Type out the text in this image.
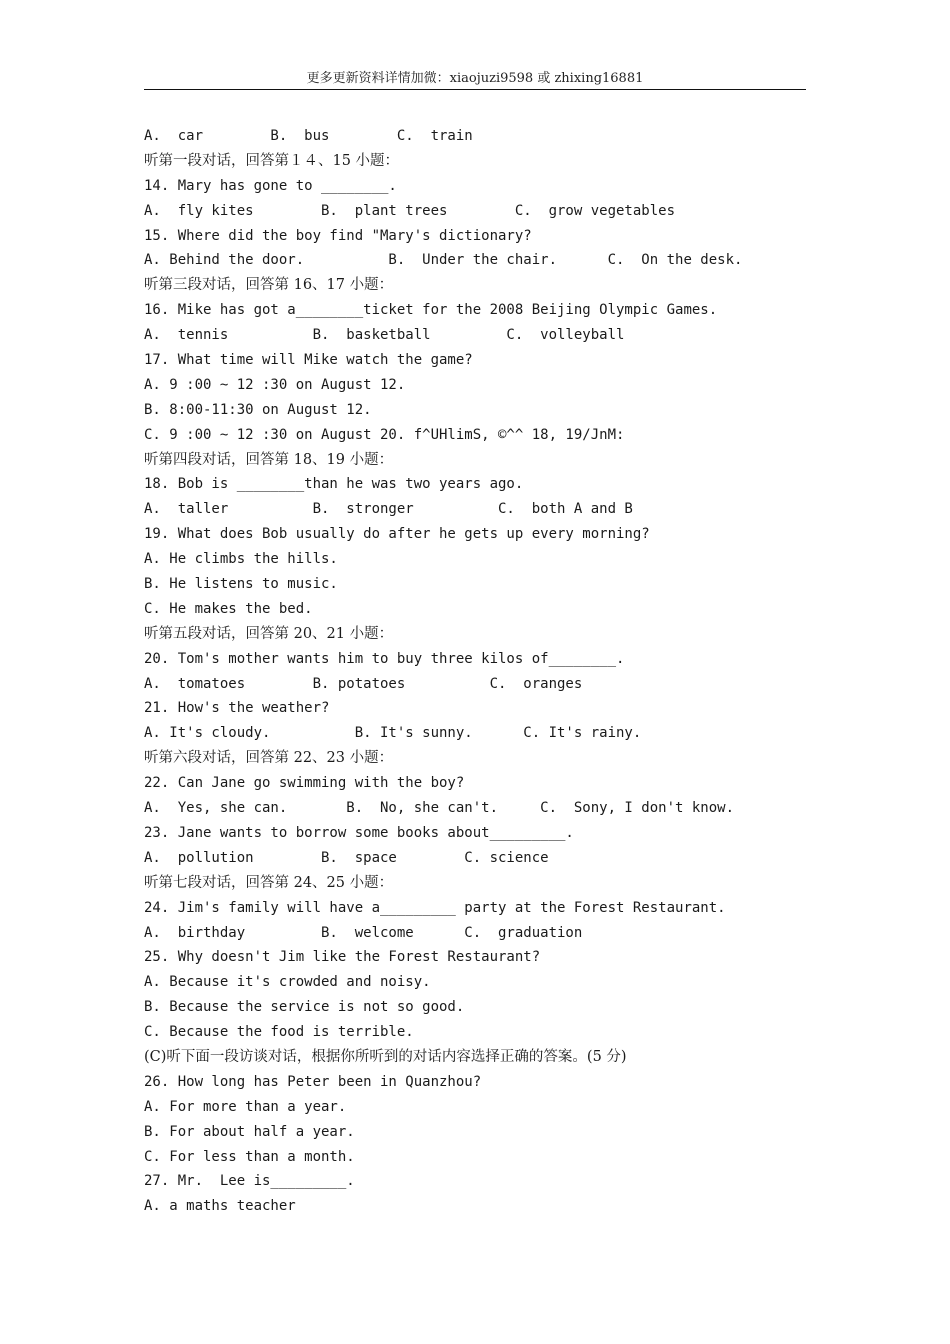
更多更新资料详情加微：xiaojuzi9598 或 zhixing16881
A.  car        B.  bus        C.  train
听第一段对话，回答第１４、15 小题：
14. Mary has gone to ________.
A.  fly kites        B.  plant trees        C.  grow vegetables
15. Where did the boy find "Mary's dictionary?
A. Behind the door.          B.  Under the chair.      C.  On the desk.
听第三段对话，回答第 16、17 小题：
16. Mike has got a________ticket for the 2008 Beijing Olympic Games.
A.  tennis          B.  basketball         C.  volleyball
17. What time will Mike watch the game?
A. 9 :00 ~ 12 :30 on August 12.
B. 8:00-11:30 on August 12.
C. 9 :00 ~ 12 :30 on August 20. f^UHlimS, ©^^ 18, 19/JnM:
听第四段对话，回答第 18、19 小题：
18. Bob is ________than he was two years ago.
A.  taller          B.  stronger          C.  both A and B
19. What does Bob usually do after he gets up every morning?
A. He climbs the hills.
B. He listens to music.
C. He makes the bed.
听第五段对话，回答第 20、21 小题：
20. Tom's mother wants him to buy three kilos of________.
A.  tomatoes        B. potatoes          C.  oranges
21. How's the weather?
A. It's cloudy.          B. It's sunny.      C. It's rainy.
听第六段对话，回答第 22、23 小题：
22. Can Jane go swimming with the boy?
A.  Yes, she can.       B.  No, she can't.     C.  Sony, I don't know.
23. Jane wants to borrow some books about_________.
A.  pollution        B.  space        C. science
听第七段对话，回答第 24、25 小题：
24. Jim's family will have a_________ party at the Forest Restaurant.
A.  birthday         B.  welcome      C.  graduation
25. Why doesn't Jim like the Forest Restaurant?
A. Because it's crowded and noisy.
B. Because the service is not so good.
C. Because the food is terrible.
(C)听下面一段访谈对话，根据你所听到的对话内容选择正确的答案。(5 分)
26. How long has Peter been in Quanzhou?
A. For more than a year.
B. For about half a year.
C. For less than a month.
27. Mr.  Lee is_________.
A. a maths teacher
